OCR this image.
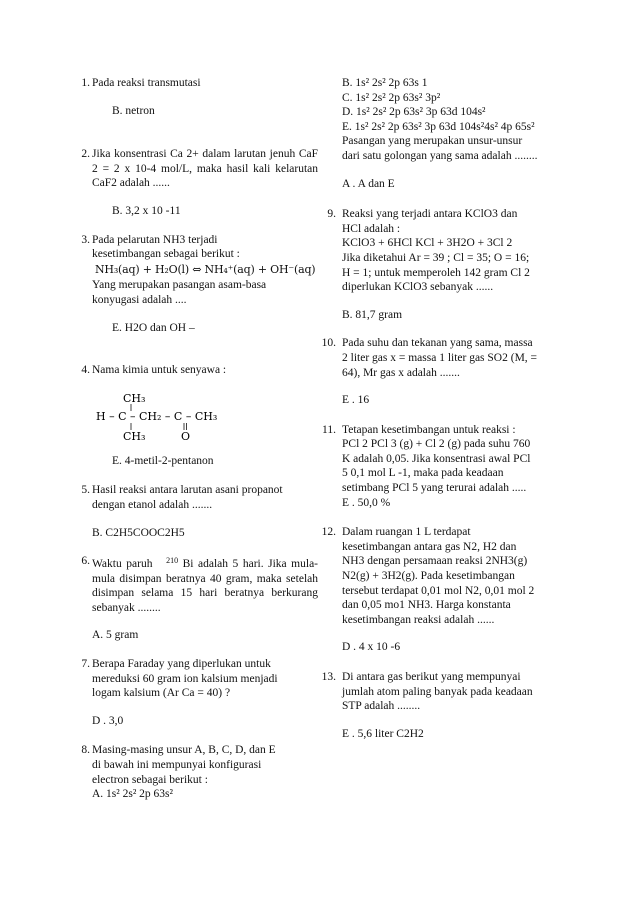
1. Pada reaksi transmutasi
B. netron
2. Jika konsentrasi Ca 2+ dalam larutan jenuh CaF 2 = 2 x 10-4 mol/L, maka hasil kali kelarutan CaF2 adalah ......
B. 3,2 x 10 -11
3. Pada pelarutan NH3 terjadi
kesetimbangan sebagai berikut :
NH₃(aq) + H₂O(l) ⇔ NH₄⁺(aq) + OH⁻(aq)
Yang merupakan pasangan asam-basa
konyugasi adalah ....
E. H2O dan OH –
4. Nama kimia untuk senyawa :
CH₃
H – C – CH₂ – C – CH₃
CH₃	O
E. 4-metil-2-pentanon
5. Hasil reaksi antara larutan asani propanot
dengan etanol adalah .......
B. C2H5COOC2H5
6. Waktu paruh $^{210}$ Bi adalah 5 hari. Jika mula-mula disimpan beratnya 40 gram, maka setelah disimpan selama 15 hari beratnya berkurang sebanyak ........
A. 5 gram
7. Berapa Faraday yang diperlukan untuk
mereduksi 60 gram ion kalsium menjadi
logam kalsium (Ar Ca = 40) ?
D . 3,0
8. Masing-masing unsur A, B, C, D, dan E
di bawah ini mempunyai konfigurasi
electron sebagai berikut :
A. 1s² 2s² 2p 63s²
B. 1s² 2s² 2p 63s 1
C. 1s² 2s² 2p 63s² 3p²
D. 1s² 2s² 2p 63s² 3p 63d 104s²
E. 1s² 2s² 2p 63s² 3p 63d 104s²4s² 4p 65s²
Pasangan yang merupakan unsur-unsur
dari satu golongan yang sama adalah ........
A . A dan E
9. Reaksi yang terjadi antara KClO3 dan
HCl adalah :
KClO3 + 6HCl KCl + 3H2O + 3Cl 2
Jika diketahui Ar = 39 ; Cl = 35; O = 16;
H = 1; untuk memperoleh 142 gram Cl 2
diperlukan KClO3 sebanyak ......
B. 81,7 gram
10. Pada suhu dan tekanan yang sama, massa
2 liter gas x = massa 1 liter gas SO2 (M, =
64), Mr gas x adalah .......
E . 16
11. Tetapan kesetimbangan untuk reaksi :
PCl 2 PCl 3 (g) + Cl 2 (g) pada suhu 760
K adalah 0,05. Jika konsentrasi awal PCl
5 0,1 mol L -1, maka pada keadaan
setimbang PCl 5 yang terurai adalah .....
E . 50,0 %
12. Dalam ruangan 1 L terdapat
kesetimbangan antara gas N2, H2 dan
NH3 dengan persamaan reaksi 2NH3(g)
N2(g) + 3H2(g). Pada kesetimbangan
tersebut terdapat 0,01 mol N2, 0,01 mol 2
dan 0,05 mo1 NH3. Harga konstanta
kesetimbangan reaksi adalah ......
D . 4 x 10 -6
13. Di antara gas berikut yang mempunyai
jumlah atom paling banyak pada keadaan
STP adalah ........
E . 5,6 liter C2H2
